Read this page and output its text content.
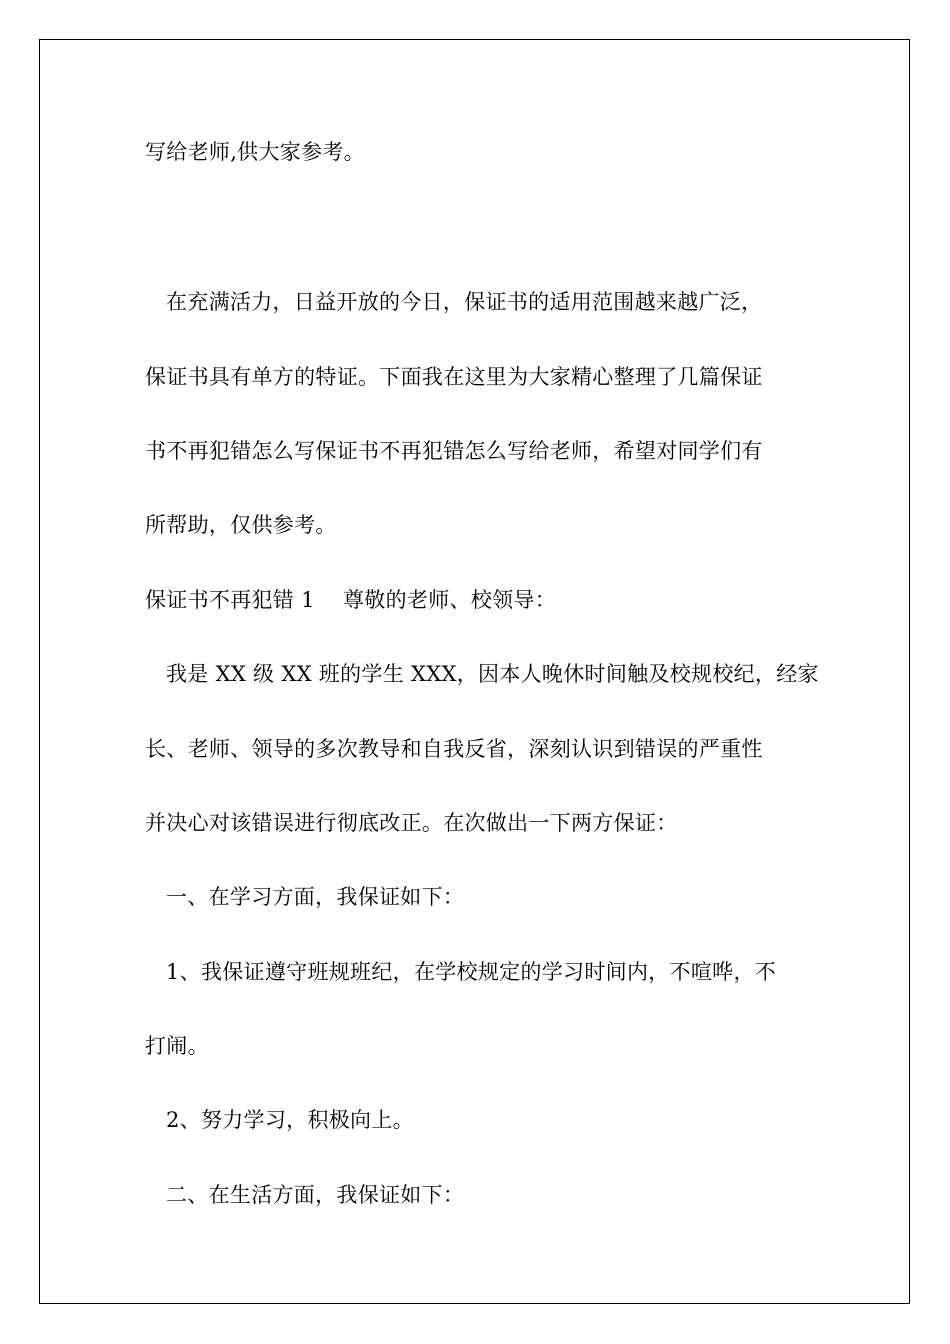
写给老师,供大家参考。
在充满活力，日益开放的今日，保证书的适用范围越来越广泛，
保证书具有单方的特证。下面我在这里为大家精心整理了几篇保证
书不再犯错怎么写保证书不再犯错怎么写给老师，希望对同学们有
所帮助，仅供参考。
保证书不再犯错 1　 尊敬的老师、校领导：
我是 XX 级 XX 班的学生 XXX，因本人晚休时间触及校规校纪，经家
长、老师、领导的多次教导和自我反省，深刻认识到错误的严重性
并决心对该错误进行彻底改正。在次做出一下两方保证：
一、在学习方面，我保证如下：
1、我保证遵守班规班纪，在学校规定的学习时间内，不喧哗，不
打闹。
2、努力学习，积极向上。
二、在生活方面，我保证如下：
